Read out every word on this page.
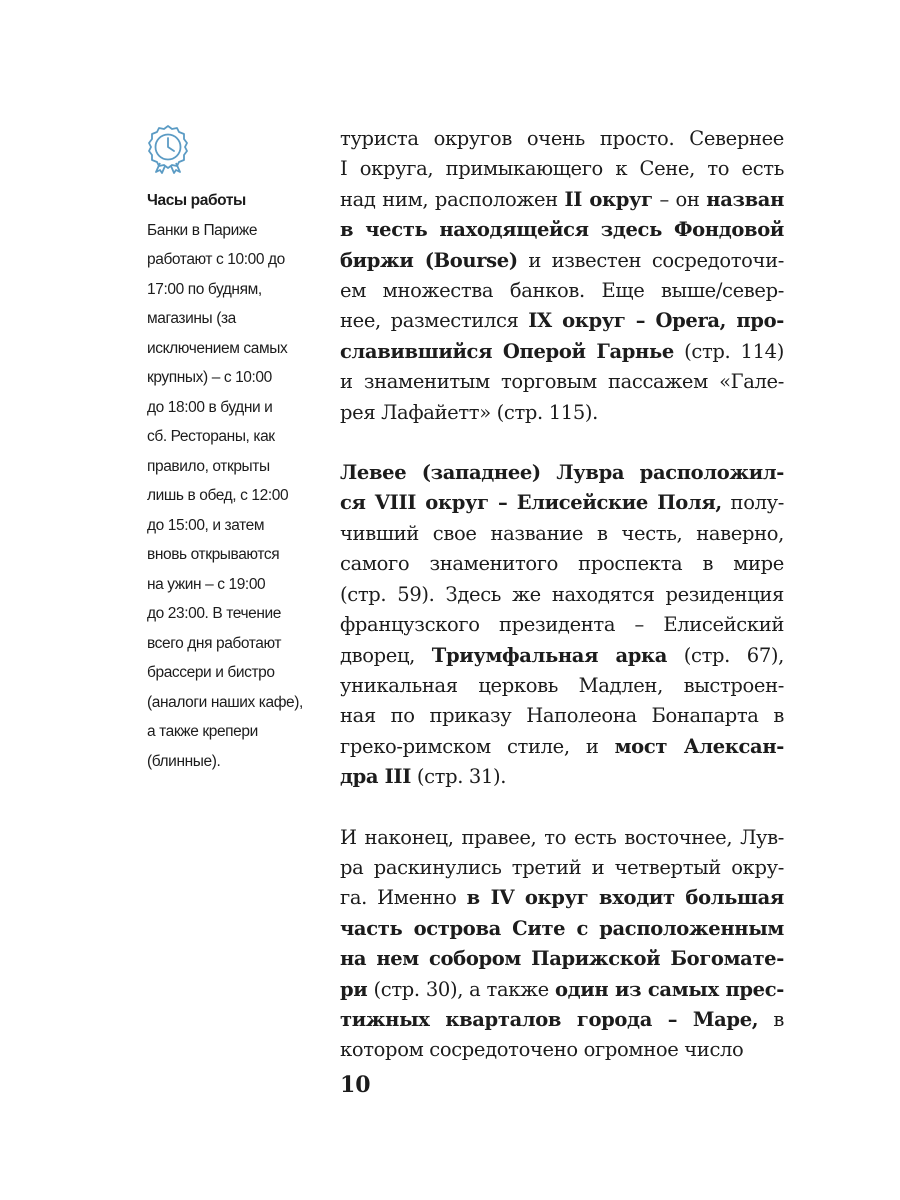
Часы работы
Банки в Париже
работают с 10:00 до
17:00 по будням,
магазины (за
исключением самых
крупных) – с 10:00
до 18:00 в будни и
сб. Рестораны, как
правило, открыты
лишь в обед, с 12:00
до 15:00, и затем
вновь открываются
на ужин – с 19:00
до 23:00. В течение
всего дня работают
брассери и бистро
(аналоги наших кафе),
а также крепери
(блинные).

туриста округов очень просто. Севернее
I округа, примыкающего к Сене, то есть
над ним, расположен II округ – он назван
в честь находящейся здесь Фондовой
биржи (Bourse) и известен сосредоточи-
ем множества банков. Еще выше/север-
нее, разместился IX округ – Opera, про-
славившийся Оперой Гарнье (стр. 114)
и знаменитым торговым пассажем «Гале-
рея Лафайетт» (стр. 115).

Левее (западнее) Лувра расположил-
ся VIII округ – Елисейские Поля, полу-
чивший свое название в честь, наверно,
самого знаменитого проспекта в мире
(стр. 59). Здесь же находятся резиденция
французского президента – Елисейский
дворец, Триумфальная арка (стр. 67),
уникальная церковь Мадлен, выстроен-
ная по приказу Наполеона Бонапарта в
греко-римском стиле, и мост Алексан-
дра III (стр. 31).

И наконец, правее, то есть восточнее, Лув-
ра раскинулись третий и четвертый окру-
га. Именно в IV округ входит большая
часть острова Сите с расположенным
на нем собором Парижской Богомате-
ри (стр. 30), а также один из самых прес-
тижных кварталов города – Маре, в
котором сосредоточено огромное число

10
